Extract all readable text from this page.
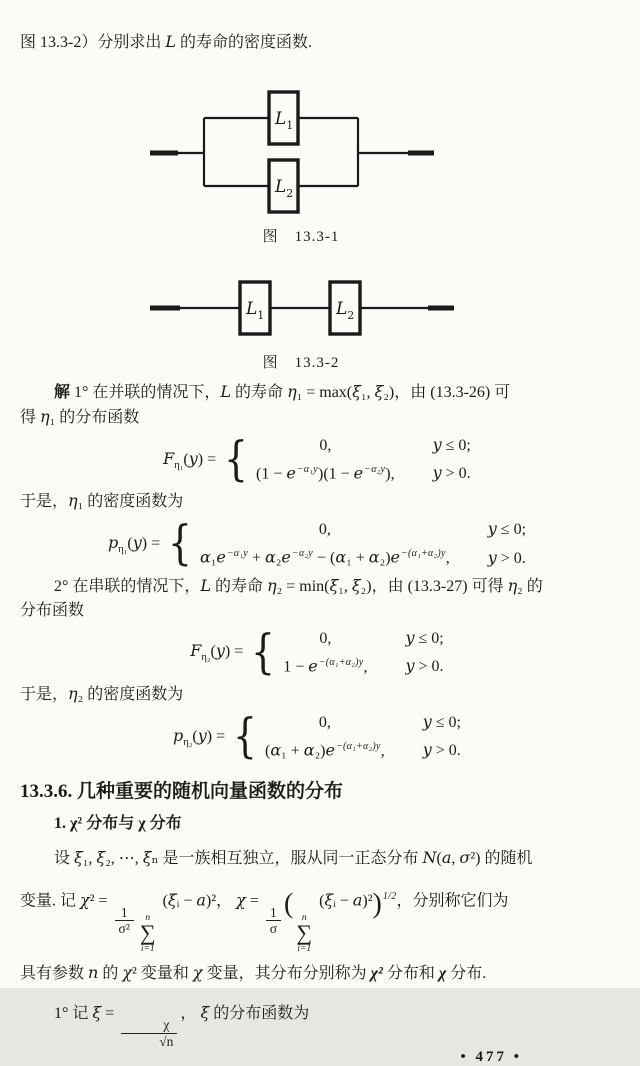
图 13.3-2）分别求出 L 的寿命的密度函数.

$L_1$
$L_2$
图　13.3-1
$L_1$	$L_2$
图　13.3-2

解 1° 在并联的情况下，L 的寿命 η₁ = max(ξ₁, ξ₂)，由 (13.3-26) 可

得 η₁ 的分布函数

$F_{\eta_1}(y)$ = {	0,	y ≤ 0;
$(1 - e^{-\alpha_1y})(1 - e^{-\alpha_2y})$, y > 0.

于是，η₁ 的密度函数为

$p_{\eta_1}(y)$ = {	0,	y ≤ 0;
$\alpha_1e^{-\alpha_1y} + \alpha_2e^{-\alpha_2y} - (\alpha_1 + \alpha_2)e^{-(\alpha_1+\alpha_2)y}$, y > 0.

2° 在串联的情况下，L 的寿命 η₂ = min(ξ₁, ξ₂)，由 (13.3-27) 可得 η₂ 的

分布函数

$F_{\eta_2}(y)$ = {	0,	y ≤ 0;
$1 - e^{-(\alpha_1+\alpha_2)y}$, y > 0.

于是，η₂ 的密度函数为

$p_{\eta_2}(y)$ = {	0,	y ≤ 0;
$(\alpha_1 + \alpha_2)e^{-(\alpha_1+\alpha_2)y}$, y > 0.
13.3.6. 几种重要的随机向量函数的分布
1. χ² 分布与 χ 分布

设 ξ₁, ξ₂, ⋯, ξₙ 是一族相互独立，服从同一正态分布 N(a, σ²) 的随机

变量. 记 χ² =
$\frac{1}{\text{σ²}}$ n
∑
i=1
(ξᵢ − a)²， χ =
$\frac{1}{\sigma}$
( n
∑
i=1
(ξᵢ − a)²)$^{1/2}$，分别称它们为

具有参数 n 的 χ² 变量和 χ 变量，其分布分别称为 χ² 分布和 χ 分布.

1° 记 ξ =
$\frac{\chi}{√n}$
， ξ 的分布函数为

• 477 •
